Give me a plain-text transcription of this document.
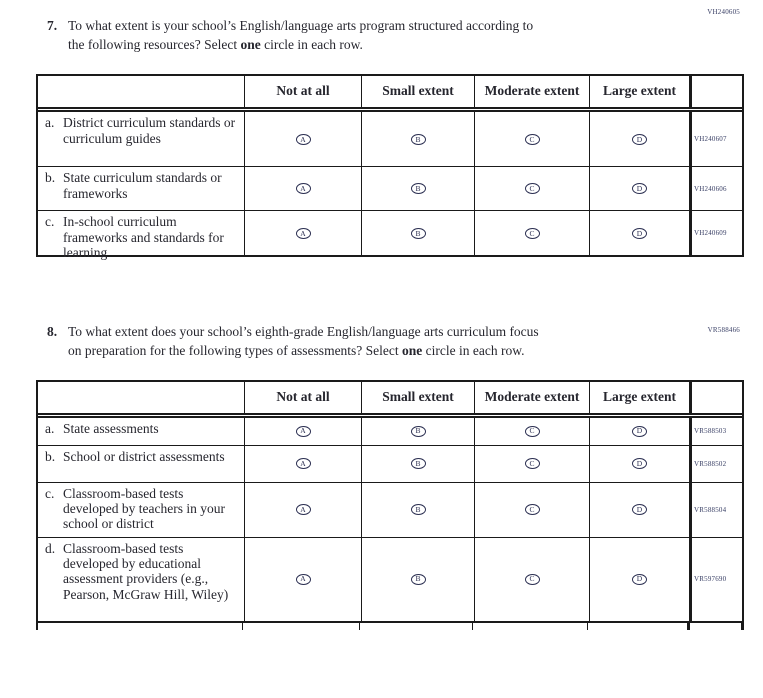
VH240605
7. To what extent is your school’s English/language arts program structured according to
the following resources? Select one circle in each row.
Not at all	Small extent	Moderate extent	Large extent
a. District curriculum standards or curriculum guides	A	B	C	D	VH240607
b. State curriculum standards or frameworks	A	B	C	D	VH240606
c. In-school curriculum frameworks and standards for learning
A	B	C	D	VH240609
VR588466
8. To what extent does your school’s eighth-grade English/language arts curriculum focus
on preparation for the following types of assessments? Select one circle in each row.
Not at all	Small extent	Moderate extent	Large extent
a. State assessments	A	B	C	D	VR588503
b. School or district assessments	A	B	C	D	VR588502
c. Classroom-based tests developed by teachers in your school or district
A	B	C	D	VR588504
d. Classroom-based tests developed by educational assessment providers (e.g., Pearson, McGraw Hill, Wiley)
A	B	C	D	VR597690
